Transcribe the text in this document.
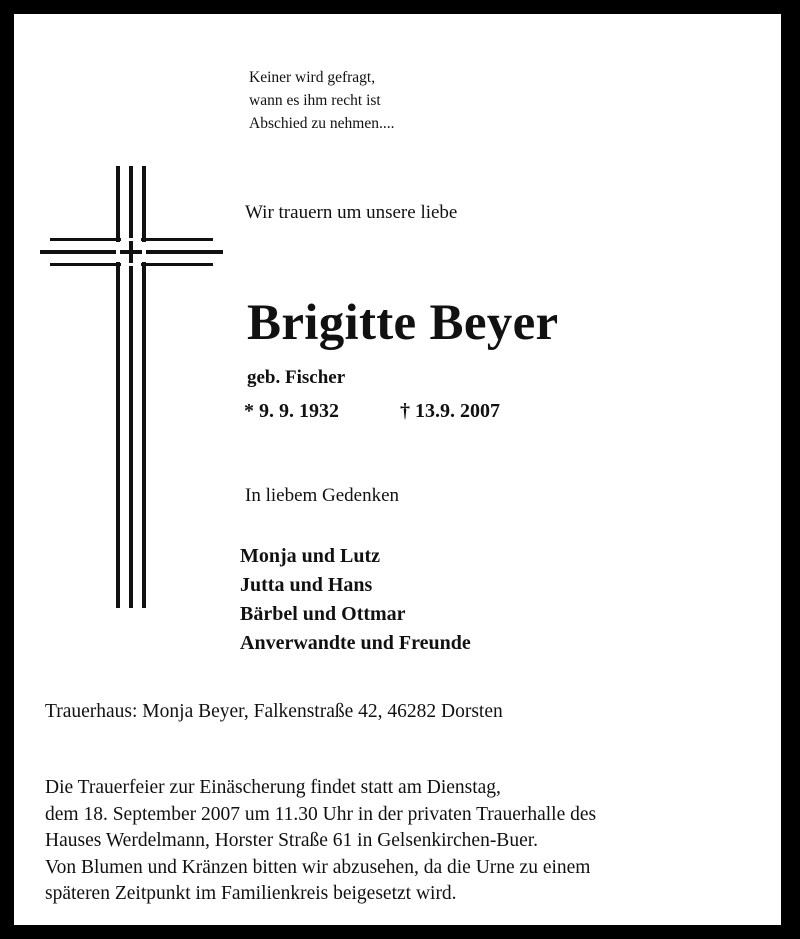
Keiner wird gefragt,
wann es ihm recht ist
Abschied zu nehmen....
Wir trauern um unsere liebe
Brigitte Beyer
geb. Fischer
* 9. 9. 1932	† 13.9. 2007
In liebem Gedenken
Monja und Lutz
Jutta und Hans
Bärbel und Ottmar
Anverwandte und Freunde
Trauerhaus: Monja Beyer, Falkenstraße 42, 46282 Dorsten
Die Trauerfeier zur Einäscherung findet statt am Dienstag,
dem 18. September 2007 um 11.30 Uhr in der privaten Trauerhalle des
Hauses Werdelmann, Horster Straße 61 in Gelsenkirchen-Buer.
Von Blumen und Kränzen bitten wir abzusehen, da die Urne zu einem
späteren Zeitpunkt im Familienkreis beigesetzt wird.
